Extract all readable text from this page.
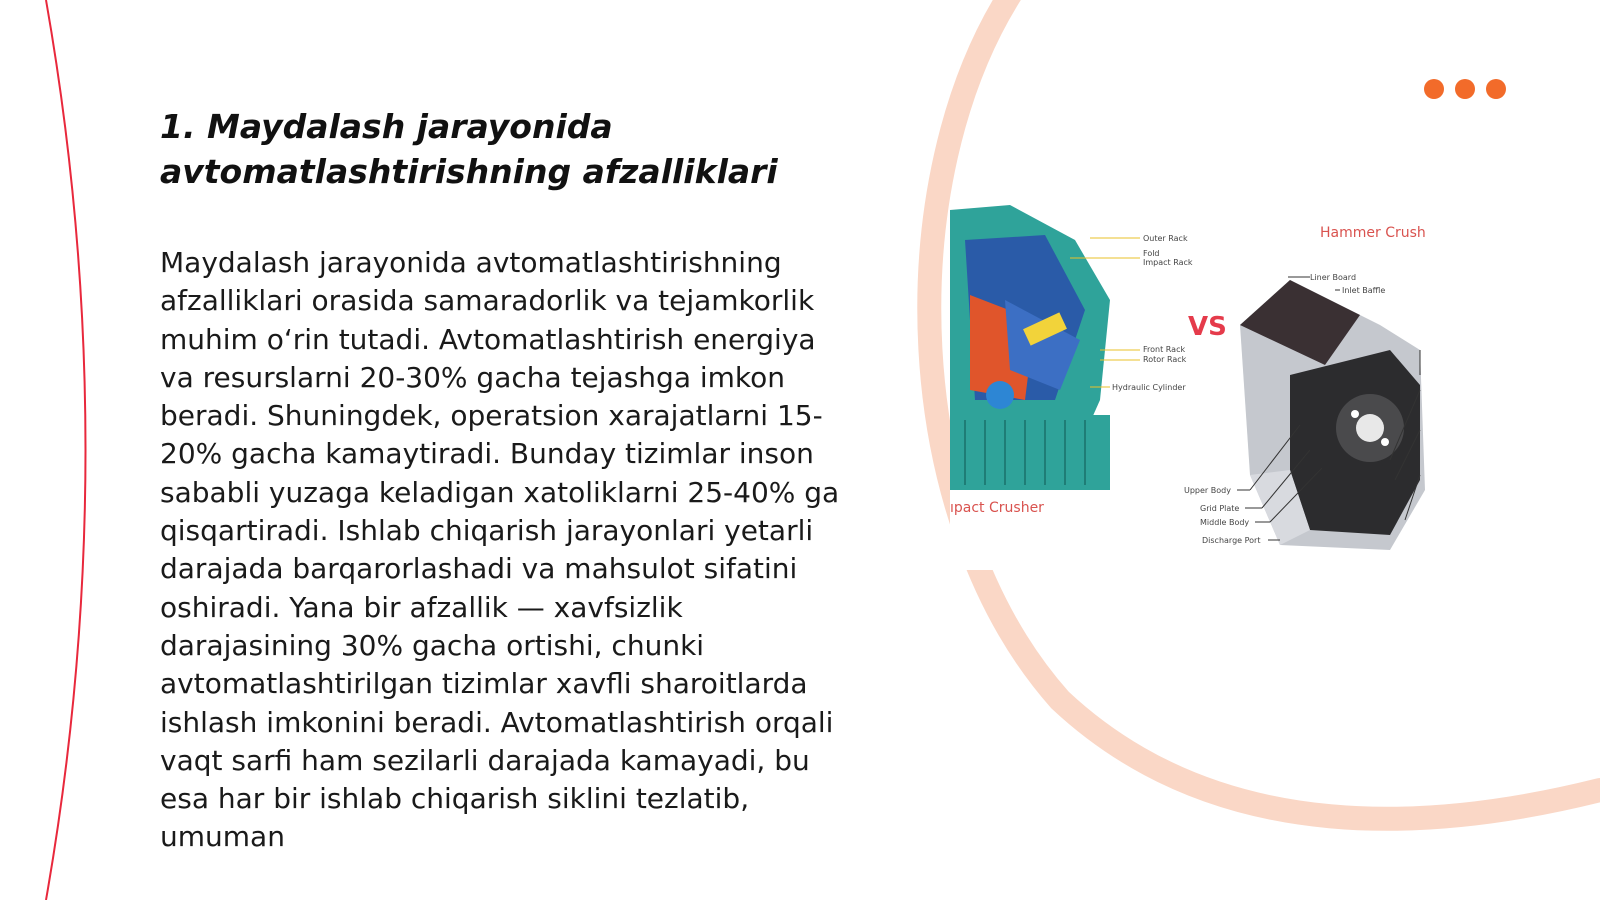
1. Maydalash jarayonida
avtomatlashtirishning afzalliklari

Maydalash jarayonida avtomatlashtirishning afzalliklari orasida samaradorlik va tejamkorlik muhim o‘rin tutadi. Avtomatlashtirish energiya va resurslarni 20-30% gacha tejashga imkon beradi. Shuningdek, operatsion xarajatlarni 15-20% gacha kamaytiradi. Bunday tizimlar inson sababli yuzaga keladigan xatoliklarni 25-40% ga qisqartiradi. Ishlab chiqarish jarayonlari yetarli darajada barqarorlashadi va mahsulot sifatini oshiradi. Yana bir afzallik — xavfsizlik darajasining 30% gacha ortishi, chunki avtomatlashtirilgan tizimlar xavfli sharoitlarda ishlash imkonini beradi. Avtomatlashtirish orqali vaqt sarfi ham sezilarli darajada kamayadi, bu esa har bir ishlab chiqarish siklini tezlatib, umuman

Outer Rack
Fold
Impact Rack
Front Rack
Rotor Rack
Hydraulic Cylinder
ıpact Crusher
VS
Hammer Crush
Liner Board
Inlet Baffle
Upper Body
Grid Plate
Middle Body
Discharge Port
